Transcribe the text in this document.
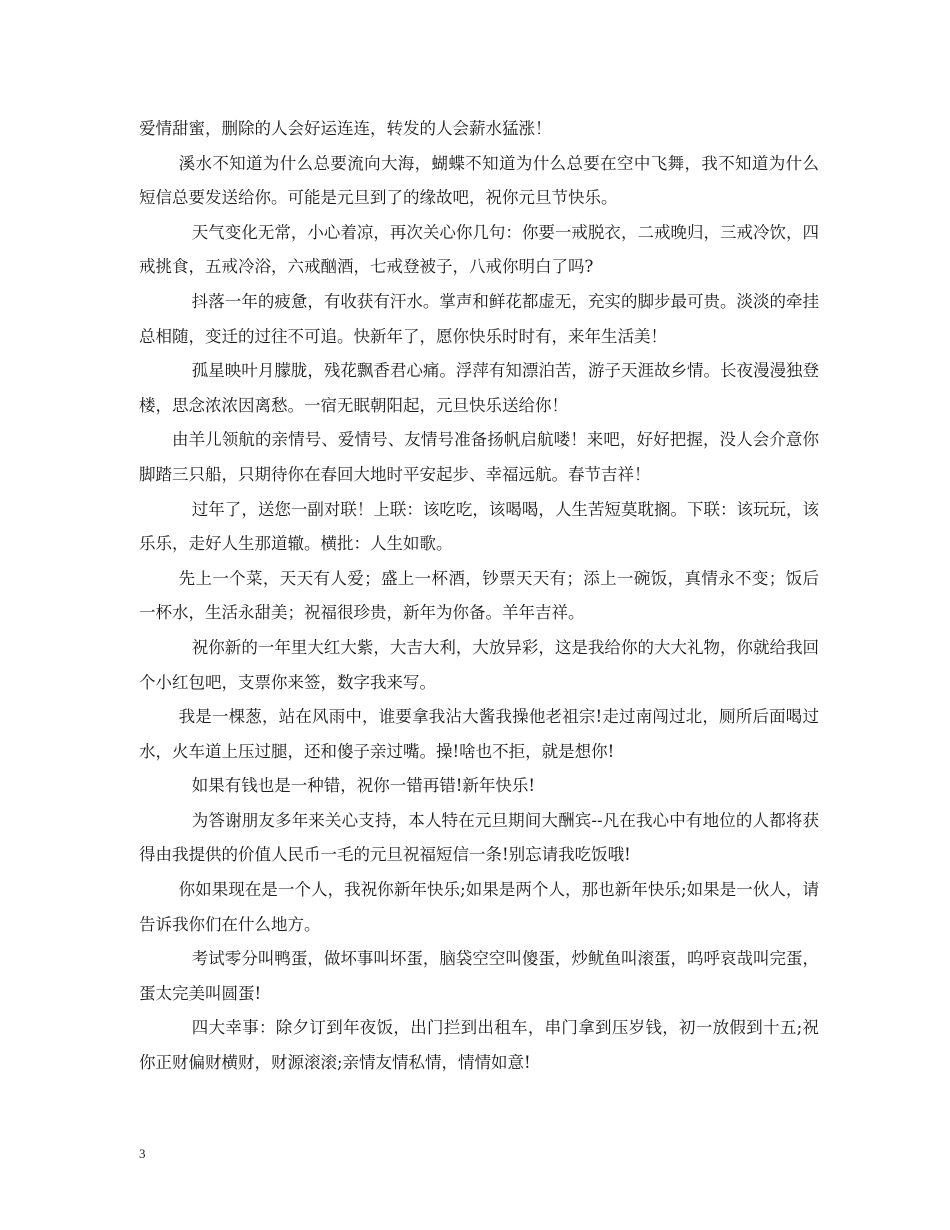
爱情甜蜜，删除的人会好运连连，转发的人会薪水猛涨！

溪水不知道为什么总要流向大海，蝴蝶不知道为什么总要在空中飞舞，我不知道为什么短信总要发送给你。可能是元旦到了的缘故吧，祝你元旦节快乐。

天气变化无常，小心着凉，再次关心你几句：你要一戒脱衣，二戒晚归，三戒冷饮，四戒挑食，五戒冷浴，六戒酗酒，七戒登被子，八戒你明白了吗?

抖落一年的疲惫，有收获有汗水。掌声和鲜花都虚无，充实的脚步最可贵。淡淡的牵挂总相随，变迁的过往不可追。快新年了，愿你快乐时时有，来年生活美！

孤星映叶月朦胧，残花飘香君心痛。浮萍有知漂泊苦，游子天涯故乡情。长夜漫漫独登楼，思念浓浓因离愁。一宿无眠朝阳起，元旦快乐送给你！

由羊儿领航的亲情号、爱情号、友情号准备扬帆启航喽！来吧，好好把握，没人会介意你脚踏三只船，只期待你在春回大地时平安起步、幸福远航。春节吉祥！

过年了，送您一副对联！上联：该吃吃，该喝喝，人生苦短莫耽搁。下联：该玩玩，该乐乐，走好人生那道辙。横批：人生如歌。

先上一个菜，天天有人爱；盛上一杯酒，钞票天天有；添上一碗饭，真情永不变；饭后一杯水，生活永甜美；祝福很珍贵，新年为你备。羊年吉祥。

祝你新的一年里大红大紫，大吉大利，大放异彩，这是我给你的大大礼物，你就给我回个小红包吧，支票你来签，数字我来写。

我是一棵葱，站在风雨中，谁要拿我沾大酱我操他老祖宗!走过南闯过北，厕所后面喝过水，火车道上压过腿，还和傻子亲过嘴。操!啥也不拒，就是想你!

如果有钱也是一种错，祝你一错再错!新年快乐!

为答谢朋友多年来关心支持，本人特在元旦期间大酬宾--凡在我心中有地位的人都将获得由我提供的价值人民币一毛的元旦祝福短信一条!别忘请我吃饭哦!

你如果现在是一个人，我祝你新年快乐;如果是两个人，那也新年快乐;如果是一伙人，请告诉我你们在什么地方。

考试零分叫鸭蛋，做坏事叫坏蛋，脑袋空空叫傻蛋，炒鱿鱼叫滚蛋，呜呼哀哉叫完蛋，蛋太完美叫圆蛋!

四大幸事：除夕订到年夜饭，出门拦到出租车，串门拿到压岁钱，初一放假到十五;祝你正财偏财横财，财源滚滚;亲情友情私情，情情如意!

3
